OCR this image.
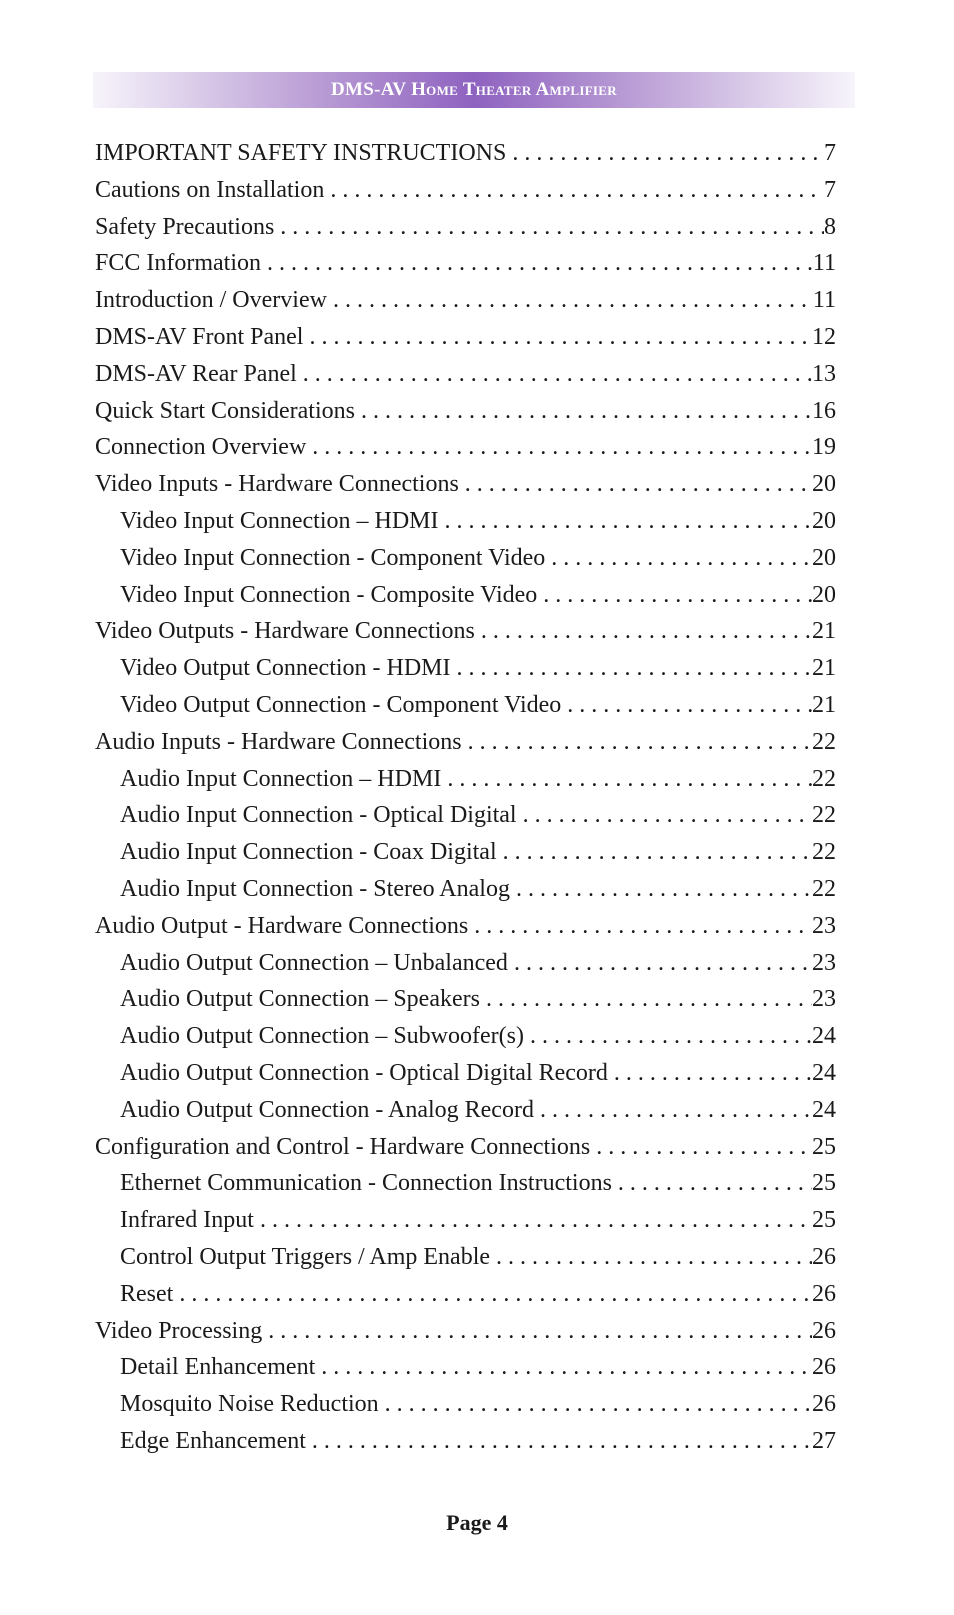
DMS-AV Home Theater Amplifier
IMPORTANT SAFETY INSTRUCTIONS . . .	7
Cautions on Installation . . .	7
Safety Precautions . . .	8
FCC Information . . .	11
Introduction / Overview . . .	11
DMS-AV Front Panel . . .	12
DMS-AV Rear Panel . . .	13
Quick Start Considerations . . .	16
Connection Overview . . .	19
Video Inputs - Hardware Connections . . .	20
Video Input Connection – HDMI . . .	20
Video Input Connection - Component Video . . .	20
Video Input Connection - Composite Video . . .	20
Video Outputs - Hardware Connections . . .	21
Video Output Connection - HDMI . . .	21
Video Output Connection - Component Video . . .	21
Audio Inputs - Hardware Connections . . .	22
Audio Input Connection – HDMI . . .	22
Audio Input Connection - Optical Digital . . .	22
Audio Input Connection - Coax Digital . . .	22
Audio Input Connection - Stereo Analog . . .	22
Audio Output - Hardware Connections . . .	23
Audio Output Connection – Unbalanced . . .	23
Audio Output Connection – Speakers . . .	23
Audio Output Connection – Subwoofer(s) . . .	24
Audio Output Connection - Optical Digital Record . . .	24
Audio Output Connection - Analog Record . . .	24
Configuration and Control - Hardware Connections . . .	25
Ethernet Communication - Connection Instructions . . .	25
Infrared Input . . .	25
Control Output Triggers / Amp Enable . . .	26
Reset . . .	26
Video Processing . . .	26
Detail Enhancement . . .	26
Mosquito Noise Reduction . . .	26
Edge Enhancement . . .	27
Page 4
